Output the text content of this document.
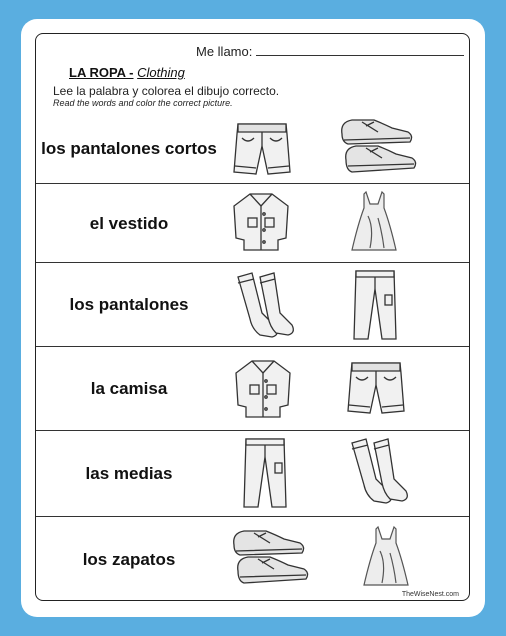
Me llamo:
LA ROPA - Clothing
Lee la palabra y colorea el dibujo correcto.
Read the words and color the correct picture.
los pantalones cortos
el vestido
los pantalones
la camisa
las medias
los zapatos
TheWiseNest.com
